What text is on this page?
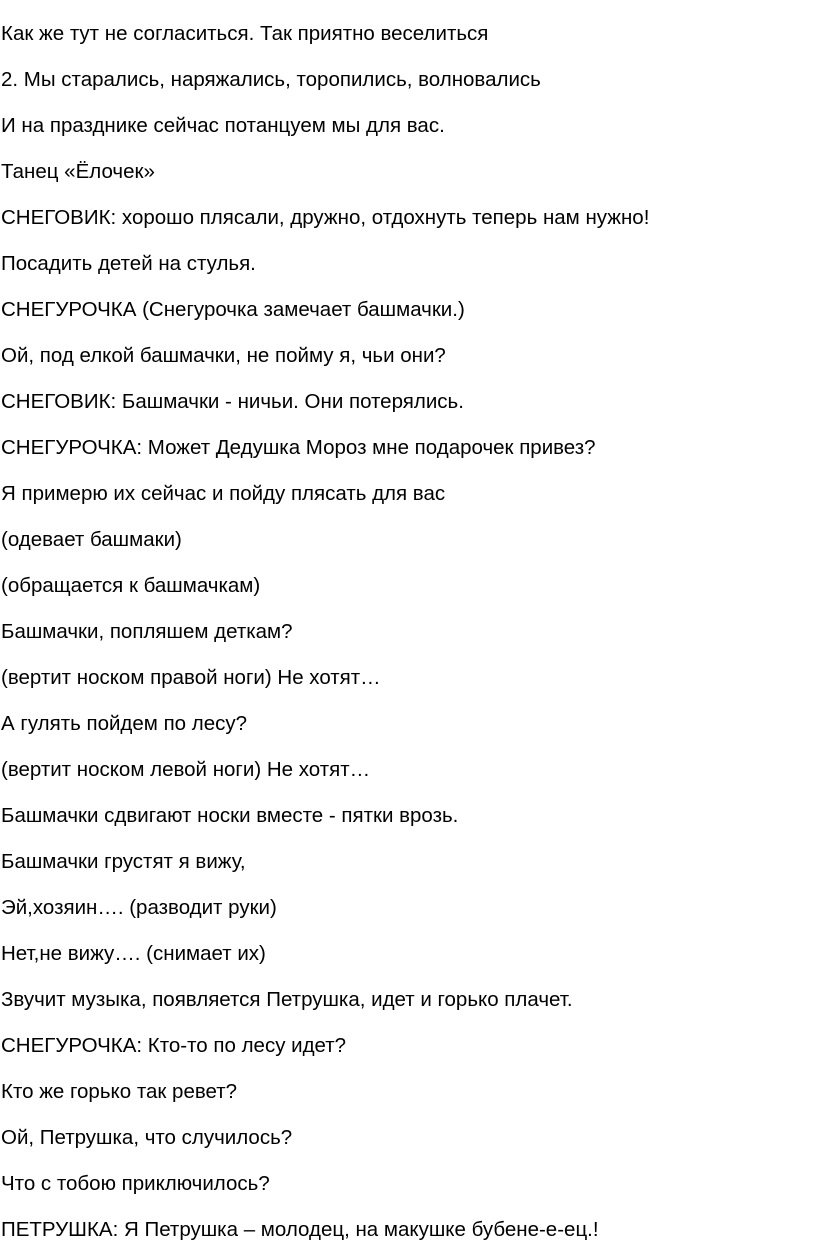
Как же тут не согласиться. Так приятно веселиться

2. Мы старались, наряжались, торопились, волновались

И на празднике сейчас потанцуем мы для вас.

Танец «Ёлочек»

СНЕГОВИК: хорошо плясали, дружно, отдохнуть теперь нам нужно!

Посадить детей на стулья.

СНЕГУРОЧКА (Снегурочка замечает башмачки.)

Ой, под елкой башмачки, не пойму я, чьи они?

СНЕГОВИК: Башмачки - ничьи. Они потерялись.

СНЕГУРОЧКА: Может Дедушка Мороз мне подарочек привез?

Я примерю их сейчас и пойду плясать для вас

(одевает башмаки)

(обращается к башмачкам)

Башмачки, попляшем деткам?

(вертит носком правой ноги) Не хотят…

А гулять пойдем по лесу?

(вертит носком левой ноги) Не хотят…

Башмачки сдвигают носки вместе - пятки врозь.

Башмачки грустят я вижу,

Эй,хозяин…. (разводит руки)

Нет,не вижу…. (снимает их)

Звучит музыка, появляется Петрушка, идет и горько плачет.

СНЕГУРОЧКА: Кто-то по лесу идет?

Кто же горько так ревет?

Ой, Петрушка, что случилось?

Что с тобою приключилось?

ПЕТРУШКА: Я Петрушка – молодец, на макушке бубене-е-ец.!
